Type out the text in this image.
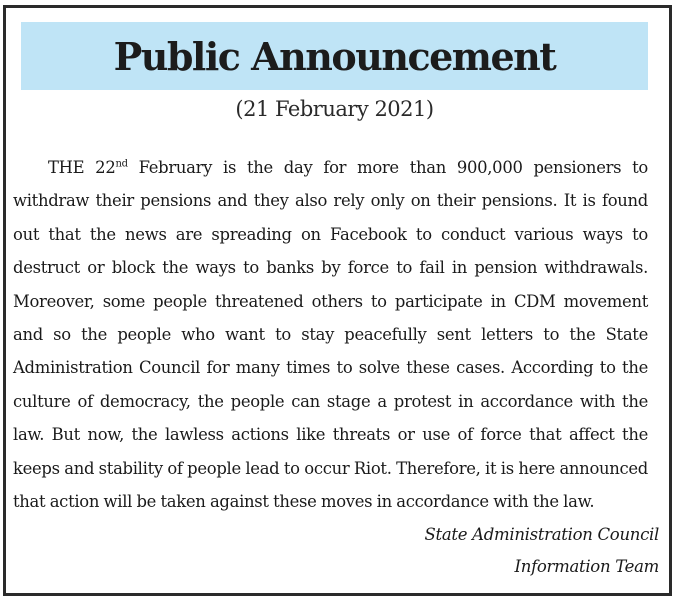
Public Announcement
(21 February 2021)

THE 22nd February is the day for more than 900,000 pensioners to withdraw their pensions and they also rely only on their pensions. It is found out that the news are spreading on Facebook to conduct various ways to destruct or block the ways to banks by force to fail in pension withdrawals. Moreover, some people threatened others to participate in CDM movement and so the people who want to stay peacefully sent letters to the State Administration Council for many times to solve these cases. According to the culture of democracy, the people can stage a protest in accordance with the law. But now, the lawless actions like threats or use of force that affect the keeps and stability of people lead to occur Riot. Therefore, it is here announced that action will be taken against these moves in accordance with the law.

State Administration Council
Information Team
